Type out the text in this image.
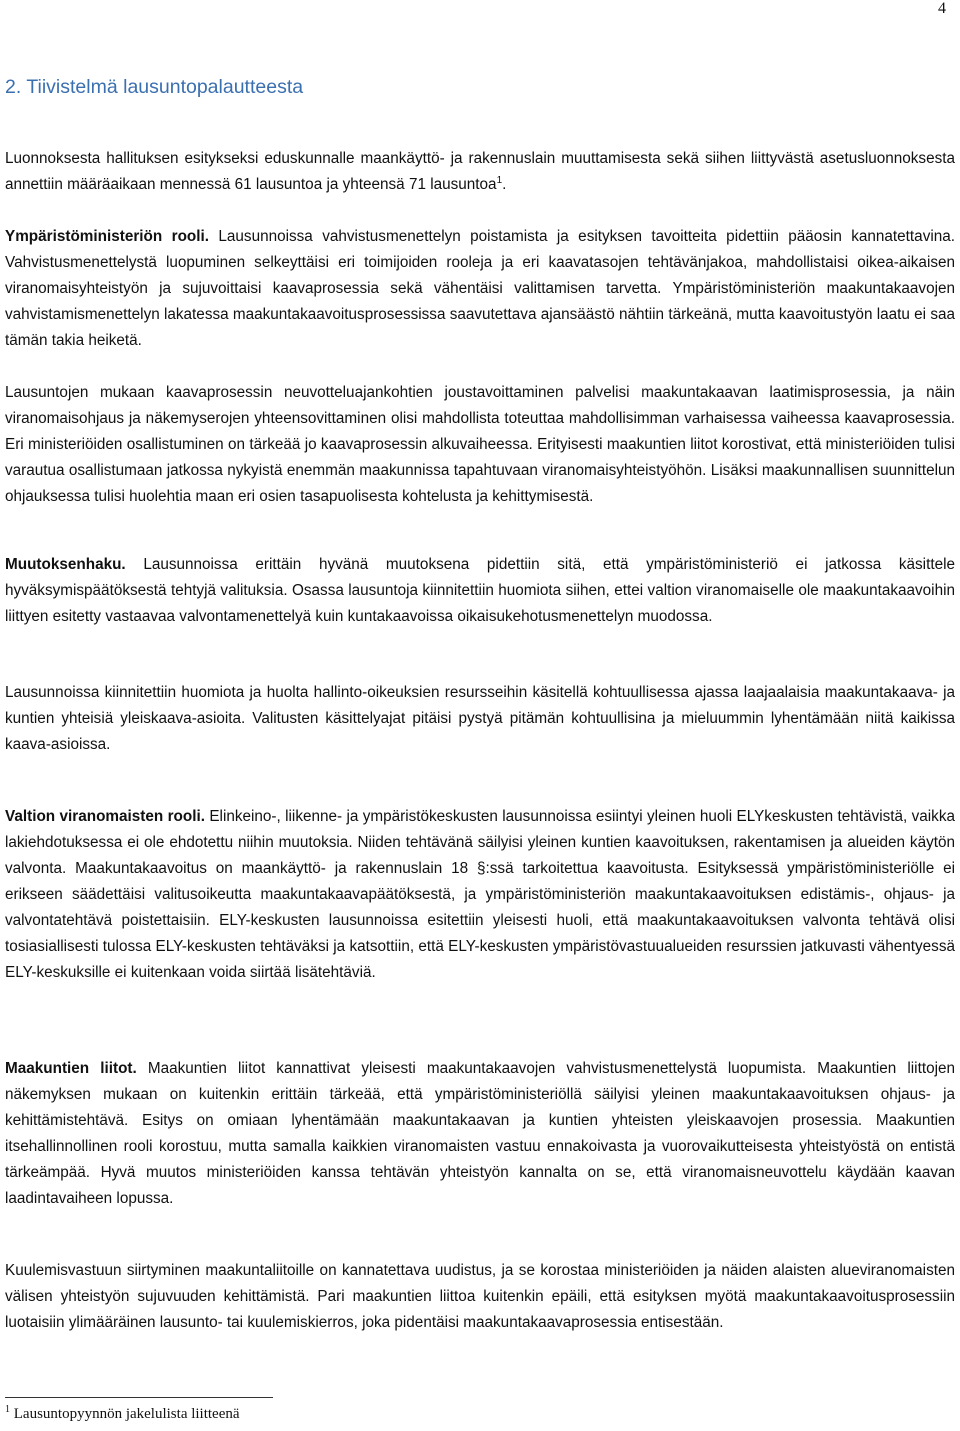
4
2. Tiivistelmä lausuntopalautteesta

Luonnoksesta hallituksen esitykseksi eduskunnalle maankäyttö- ja rakennuslain muuttamisesta sekä siihen liittyvästä asetusluonnoksesta annettiin määräaikaan mennessä 61 lausuntoa ja yhteensä 71 lausuntoa$^1$.

Ympäristöministeriön rooli. Lausunnoissa vahvistusmenettelyn poistamista ja esityksen tavoitteita pidettiin pääosin kannatettavina. Vahvistusmenettelystä luopuminen selkeyttäisi eri toimijoiden rooleja ja eri kaavatasojen tehtävänjakoa, mahdollistaisi oikea-aikaisen viranomaisyhteistyön ja sujuvoittaisi kaavaprosessia sekä vähentäisi valittamisen tarvetta. Ympäristöministeriön maakuntakaavojen vahvistamismenettelyn lakatessa maakuntakaavoitusprosessissa saavutettava ajansäästö nähtiin tärkeänä, mutta kaavoitustyön laatu ei saa tämän takia heiketä.

Lausuntojen mukaan kaavaprosessin neuvotteluajankohtien joustavoittaminen palvelisi maakuntakaavan laatimisprosessia, ja näin viranomaisohjaus ja näkemyserojen yhteensovittaminen olisi mahdollista toteuttaa mahdollisimman varhaisessa vaiheessa kaavaprosessia. Eri ministeriöiden osallistuminen on tärkeää jo kaavaprosessin alkuvaiheessa. Erityisesti maakuntien liitot korostivat, että ministeriöiden tulisi varautua osallistumaan jatkossa nykyistä enemmän maakunnissa tapahtuvaan viranomaisyhteistyöhön. Lisäksi maakunnallisen suunnittelun ohjauksessa tulisi huolehtia maan eri osien tasapuolisesta kohtelusta ja kehittymisestä.

Muutoksenhaku. Lausunnoissa erittäin hyvänä muutoksena pidettiin sitä, että ympäristöministeriö ei jatkossa käsittele hyväksymispäätöksestä tehtyjä valituksia. Osassa lausuntoja kiinnitettiin huomiota siihen, ettei valtion viranomaiselle ole maakuntakaavoihin liittyen esitetty vastaavaa valvontamenettelyä kuin kuntakaavoissa oikaisukehotusmenettelyn muodossa.

Lausunnoissa kiinnitettiin huomiota ja huolta hallinto-oikeuksien resursseihin käsitellä kohtuullisessa ajassa laajaalaisia maakuntakaava- ja kuntien yhteisiä yleiskaava-asioita. Valitusten käsittelyajat pitäisi pystyä pitämän kohtuullisina ja mieluummin lyhentämään niitä kaikissa kaava-asioissa.

Valtion viranomaisten rooli. Elinkeino-, liikenne- ja ympäristökeskusten lausunnoissa esiintyi yleinen huoli ELYkeskusten tehtävistä, vaikka lakiehdotuksessa ei ole ehdotettu niihin muutoksia. Niiden tehtävänä säilyisi yleinen kuntien kaavoituksen, rakentamisen ja alueiden käytön valvonta. Maakuntakaavoitus on maankäyttö- ja rakennuslain 18 §:ssä tarkoitettua kaavoitusta. Esityksessä ympäristöministeriölle ei erikseen säädettäisi valitusoikeutta maakuntakaavapäätöksestä, ja ympäristöministeriön maakuntakaavoituksen edistämis-, ohjaus- ja valvontatehtävä poistettaisiin. ELY-keskusten lausunnoissa esitettiin yleisesti huoli, että maakuntakaavoituksen valvonta tehtävä olisi tosiasiallisesti tulossa ELY-keskusten tehtäväksi ja katsottiin, että ELY-keskusten ympäristövastuualueiden resurssien jatkuvasti vähentyessä ELY-keskuksille ei kuitenkaan voida siirtää lisätehtäviä.

Maakuntien liitot. Maakuntien liitot kannattivat yleisesti maakuntakaavojen vahvistusmenettelystä luopumista. Maakuntien liittojen näkemyksen mukaan on kuitenkin erittäin tärkeää, että ympäristöministeriöllä säilyisi yleinen maakuntakaavoituksen ohjaus- ja kehittämistehtävä. Esitys on omiaan lyhentämään maakuntakaavan ja kuntien yhteisten yleiskaavojen prosessia. Maakuntien itsehallinnollinen rooli korostuu, mutta samalla kaikkien viranomaisten vastuu ennakoivasta ja vuorovaikutteisesta yhteistyöstä on entistä tärkeämpää. Hyvä muutos ministeriöiden kanssa tehtävän yhteistyön kannalta on se, että viranomaisneuvottelu käydään kaavan laadintavaiheen lopussa.

Kuulemisvastuun siirtyminen maakuntaliitoille on kannatettava uudistus, ja se korostaa ministeriöiden ja näiden alaisten alueviranomaisten välisen yhteistyön sujuvuuden kehittämistä. Pari maakuntien liittoa kuitenkin epäili, että esityksen myötä maakuntakaavoitusprosessiin luotaisiin ylimääräinen lausunto- tai kuulemiskierros, joka pidentäisi maakuntakaavaprosessia entisestään.

$^1$ Lausuntopyynnön jakelulista liitteenä
